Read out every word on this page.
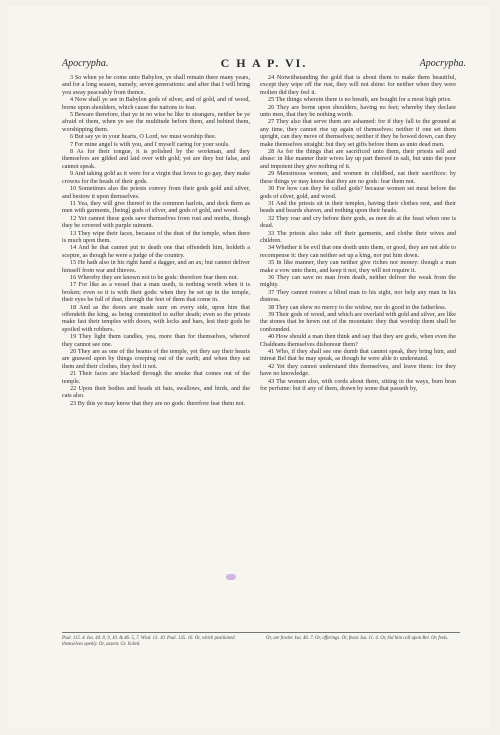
Apocrypha.	C H A P. VI.	Apocrypha.

3 So when ye be come unto Babylon, ye shall remain there many years, and for a long season, namely, seven generations: and after that I will bring you away peaceably from thence.

4 Now shall ye see in Babylon gods of silver, and of gold, and of wood, borne upon shoulders, which cause the nations to fear.

5 Beware therefore, that ye in no wise be like to strangers, neither be ye afraid of them, when ye see the multitude before them, and behind them, worshipping them.

6 But say ye in your hearts, O Lord, we must worship thee.

7 For mine angel is with you, and I myself caring for your souls.

8 As for their tongue, it is polished by the workman, and they themselves are gilded and laid over with gold; yet are they but false, and cannot speak.

9 And taking gold as it were for a virgin that loves to go gay, they make crowns for the heads of their gods.

10 Sometimes also the priests convey from their gods gold and silver, and bestow it upon themselves.

11 Yea, they will give thereof to the common harlots, and deck them as men with garments, [being] gods of silver, and gods of gold, and wood.

12 Yet cannot these gods save themselves from rust and moths, though they be covered with purple raiment.

13 They wipe their faces, because of the dust of the temple, when there is much upon them.

14 And he that cannot put to death one that offendeth him, holdeth a sceptre, as though he were a judge of the country.

15 He hath also in his right hand a dagger, and an ax; but cannot deliver himself from war and thieves.

16 Whereby they are known not to be gods: therefore fear them not.

17 For like as a vessel that a man useth, is nothing worth when it is broken; even so it is with their gods: when they be set up in the temple, their eyes be full of dust, through the feet of them that come in.

18 And as the doors are made sure on every side, upon him that offendeth the king, as being committed to suffer death; even so the priests make fast their temples with doors, with locks and bars, lest their gods be spoiled with robbers.

19 They light them candles, yea, more than for themselves, whereof they cannot see one.

20 They are as one of the beams of the temple, yet they say their hearts are gnawed upon by things creeping out of the earth; and when they eat them and their clothes, they feel it not.

21 Their faces are blacked through the smoke that comes out of the temple.

22 Upon their bodies and heads sit bats, swallows, and birds, and the cats also.

23 By this ye may know that they are no gods: therefore fear them not.

24 Notwithstanding the gold that is about them to make them beautiful, except they wipe off the rust, they will not shine: for neither when they were molten did they feel it.

25 The things wherein there is no breath, are bought for a most high price.

26 They are borne upon shoulders, having no feet; whereby they declare unto men, that they be nothing worth.

27 They also that serve them are ashamed: for if they fall to the ground at any time, they cannot rise up again of themselves: neither if one set them upright, can they move of themselves; neither if they be bowed down, can they make themselves straight: but they set gifts before them as unto dead men.

28 As for the things that are sacrificed unto them, their priests sell and abuse: in like manner their wives lay up part thereof in salt, but unto the poor and impotent they give nothing of it.

29 Menstruous women, and women in childbed, eat their sacrifices: by these things ye may know that they are no gods: fear them not.

30 For how can they be called gods? because women set meat before the gods of silver, gold, and wood.

31 And the priests sit in their temples, having their clothes rent, and their heads and beards shaven, and nothing upon their heads.

32 They roar and cry before their gods, as men do at the feast when one is dead.

33 The priests also take off their garments, and clothe their wives and children.

34 Whether it be evil that one doeth unto them, or good, they are not able to recompense it: they can neither set up a king, nor put him down.

35 In like manner, they can neither give riches nor money: though a man make a vow unto them, and keep it not, they will not require it.

36 They can save no man from death, neither deliver the weak from the mighty.

37 They cannot restore a blind man to his sight, nor help any man in his distress.

38 They can shew no mercy to the widow, nor do good to the fatherless.

39 Their gods of wood, and which are overlaid with gold and silver, are like the stones that be hewn out of the mountain: they that worship them shall be confounded.

40 How should a man then think and say that they are gods, when even the Chaldeans themselves dishonour them?

41 Who, if they shall see one dumb that cannot speak, they bring him, and intreat Bel that he may speak, as though he were able to understand.

42 Yet they cannot understand this themselves, and leave them: for they have no knowledge.

43 The women also, with cords about them, sitting in the ways, burn bran for perfume: but if any of them, drawn by some that passeth by,

Psal. 115. 4. Isa. 44. 8, 9, 10. & 46. 5, 7. Wisd. 13. 10. Psal. 135. 16. Or, which positioned themselves openly. Or, assent. Gr. licked.
Or, are fowler. Isa. 46. 7. Or, offerings. Or, feast. Isa. 11. 4. Or, bid him call upon Bel. Or, feels.
